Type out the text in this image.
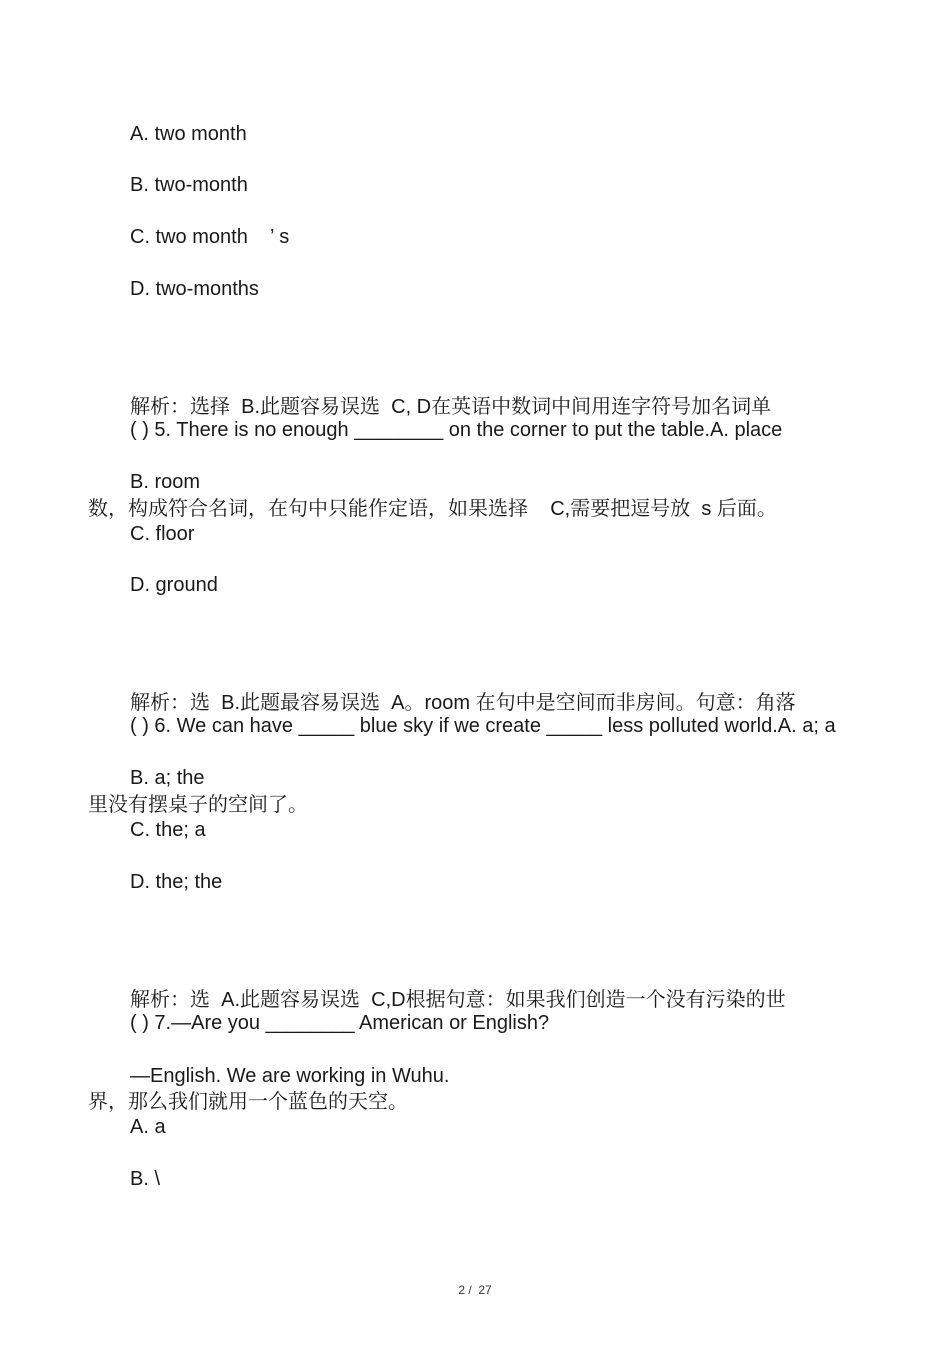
A. two month
B. two-month
C. two month    ’ s
D. two-months

解析：选择  B.此题容易误选  C, D在英语中数词中间用连字符号加名词单

数，构成符合名词，在句中只能作定语，如果选择    C,需要把逗号放  s 后面。

( ) 5. There is no enough ________ on the corner to put the table.A. place
B. room
C. floor
D. ground

解析：选  B.此题最容易误选  A。room 在句中是空间而非房间。句意：角落

里没有摆桌子的空间了。

( ) 6. We can have _____ blue sky if we create _____ less polluted world.A. a; a
B. a; the
C. the; a
D. the; the

解析：选  A.此题容易误选  C,D根据句意：如果我们创造一个没有污染的世

界，那么我们就用一个蓝色的天空。

( ) 7.—Are you ________ American or English?
—English. We are working in Wuhu.
A. a
B. \
2 /  27
